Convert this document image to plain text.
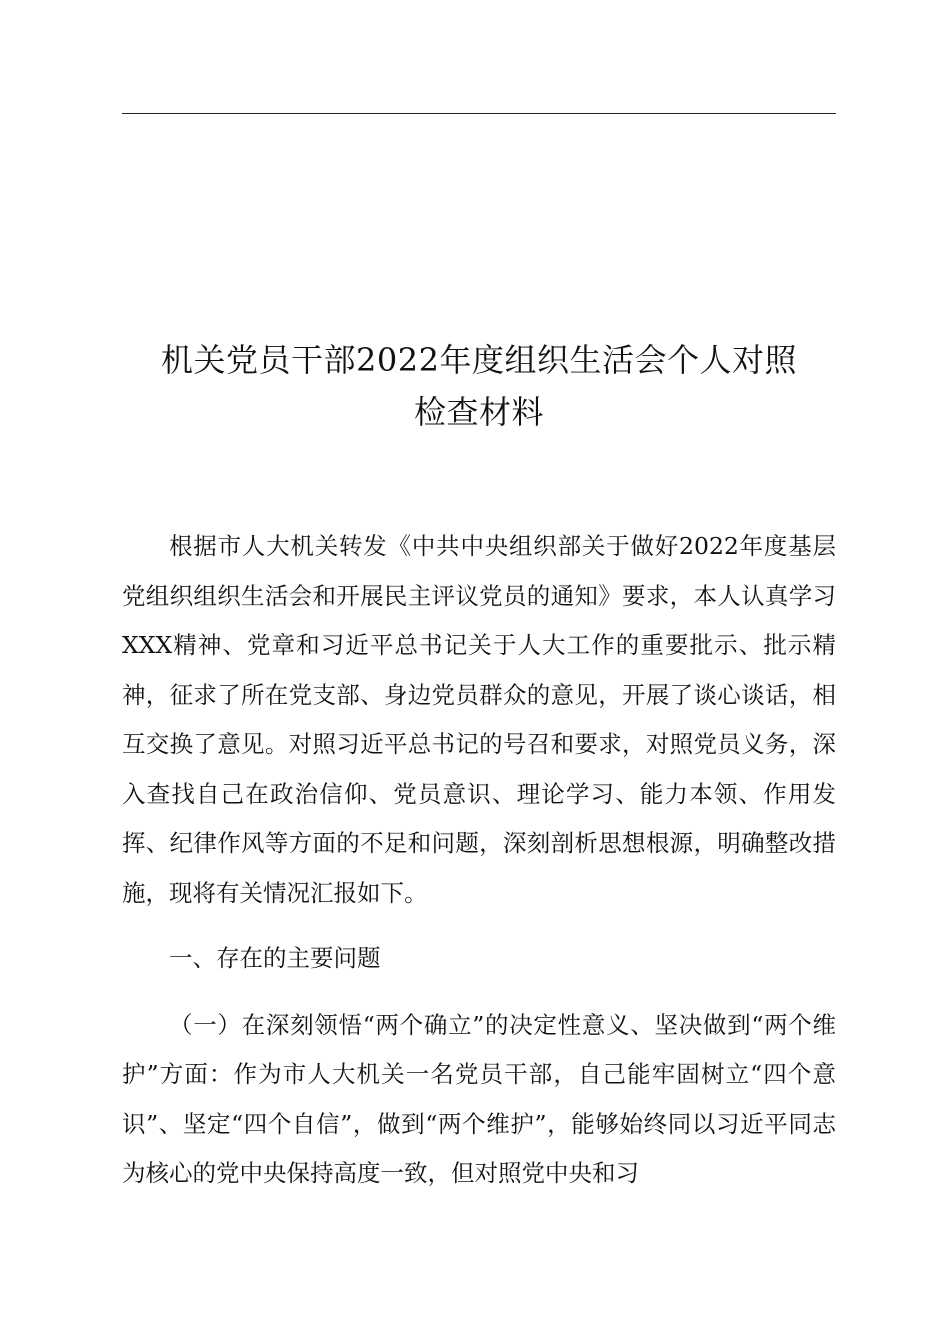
机关党员干部2022年度组织生活会个人对照
检查材料

根据市人大机关转发《中共中央组织部关于做好2022年度基层党组织组织生活会和开展民主评议党员的通知》要求，本人认真学习XXX精神、党章和习近平总书记关于人大工作的重要批示、批示精神，征求了所在党支部、身边党员群众的意见，开展了谈心谈话，相互交换了意见。对照习近平总书记的号召和要求，对照党员义务，深入查找自己在政治信仰、党员意识、理论学习、能力本领、作用发挥、纪律作风等方面的不足和问题，深刻剖析思想根源，明确整改措施，现将有关情况汇报如下。

一、存在的主要问题

（一）在深刻领悟“两个确立”的决定性意义、坚决做到“两个维护”方面：作为市人大机关一名党员干部，自己能牢固树立“四个意识”、坚定“四个自信”，做到“两个维护”，能够始终同以习近平同志为核心的党中央保持高度一致，但对照党中央和习
